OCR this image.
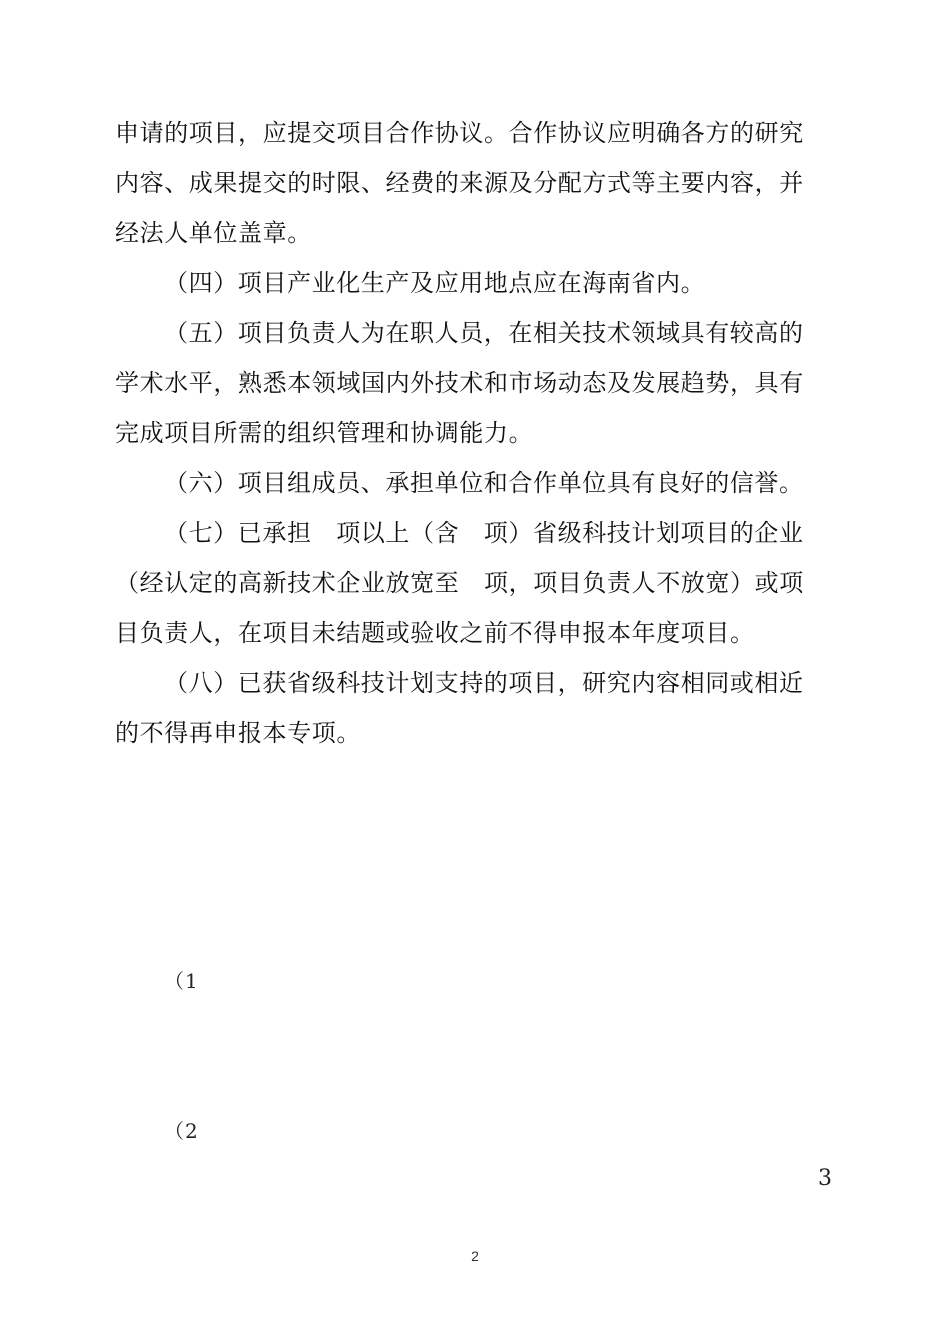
申请的项目，应提交项目合作协议。合作协议应明确各方的研究
内容、成果提交的时限、经费的来源及分配方式等主要内容，并
经法人单位盖章。
（四）项目产业化生产及应用地点应在海南省内。
（五）项目负责人为在职人员，在相关技术领域具有较高的
学术水平，熟悉本领域国内外技术和市场动态及发展趋势，具有
完成项目所需的组织管理和协调能力。
（六）项目组成员、承担单位和合作单位具有良好的信誉。
（七）已承担　项以上（含　项）省级科技计划项目的企业
（经认定的高新技术企业放宽至　项，项目负责人不放宽）或项
目负责人，在项目未结题或验收之前不得申报本年度项目。
（八）已获省级科技计划支持的项目，研究内容相同或相近
的不得再申报本专项。
（1
（2
3
2
